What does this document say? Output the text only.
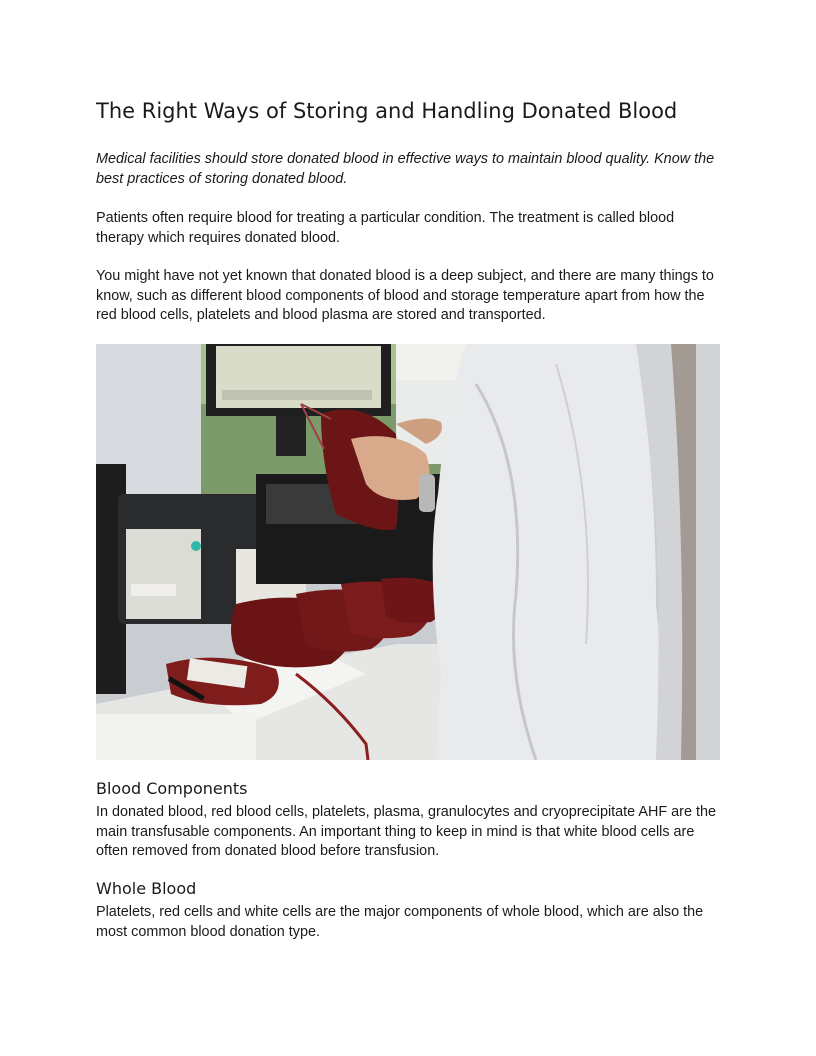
The Right Ways of Storing and Handling Donated Blood

Medical facilities should store donated blood in effective ways to maintain blood quality. Know the best practices of storing donated blood.

Patients often require blood for treating a particular condition. The treatment is called blood therapy which requires donated blood.

You might have not yet known that donated blood is a deep subject, and there are many things to know, such as different blood components of blood and storage temperature apart from how the red blood cells, platelets and blood plasma are stored and transported.

Blood Components

In donated blood, red blood cells, platelets, plasma, granulocytes and cryoprecipitate AHF are the main transfusable components. An important thing to keep in mind is that white blood cells are often removed from donated blood before transfusion.

Whole Blood

Platelets, red cells and white cells are the major components of whole blood, which are also the most common blood donation type.
